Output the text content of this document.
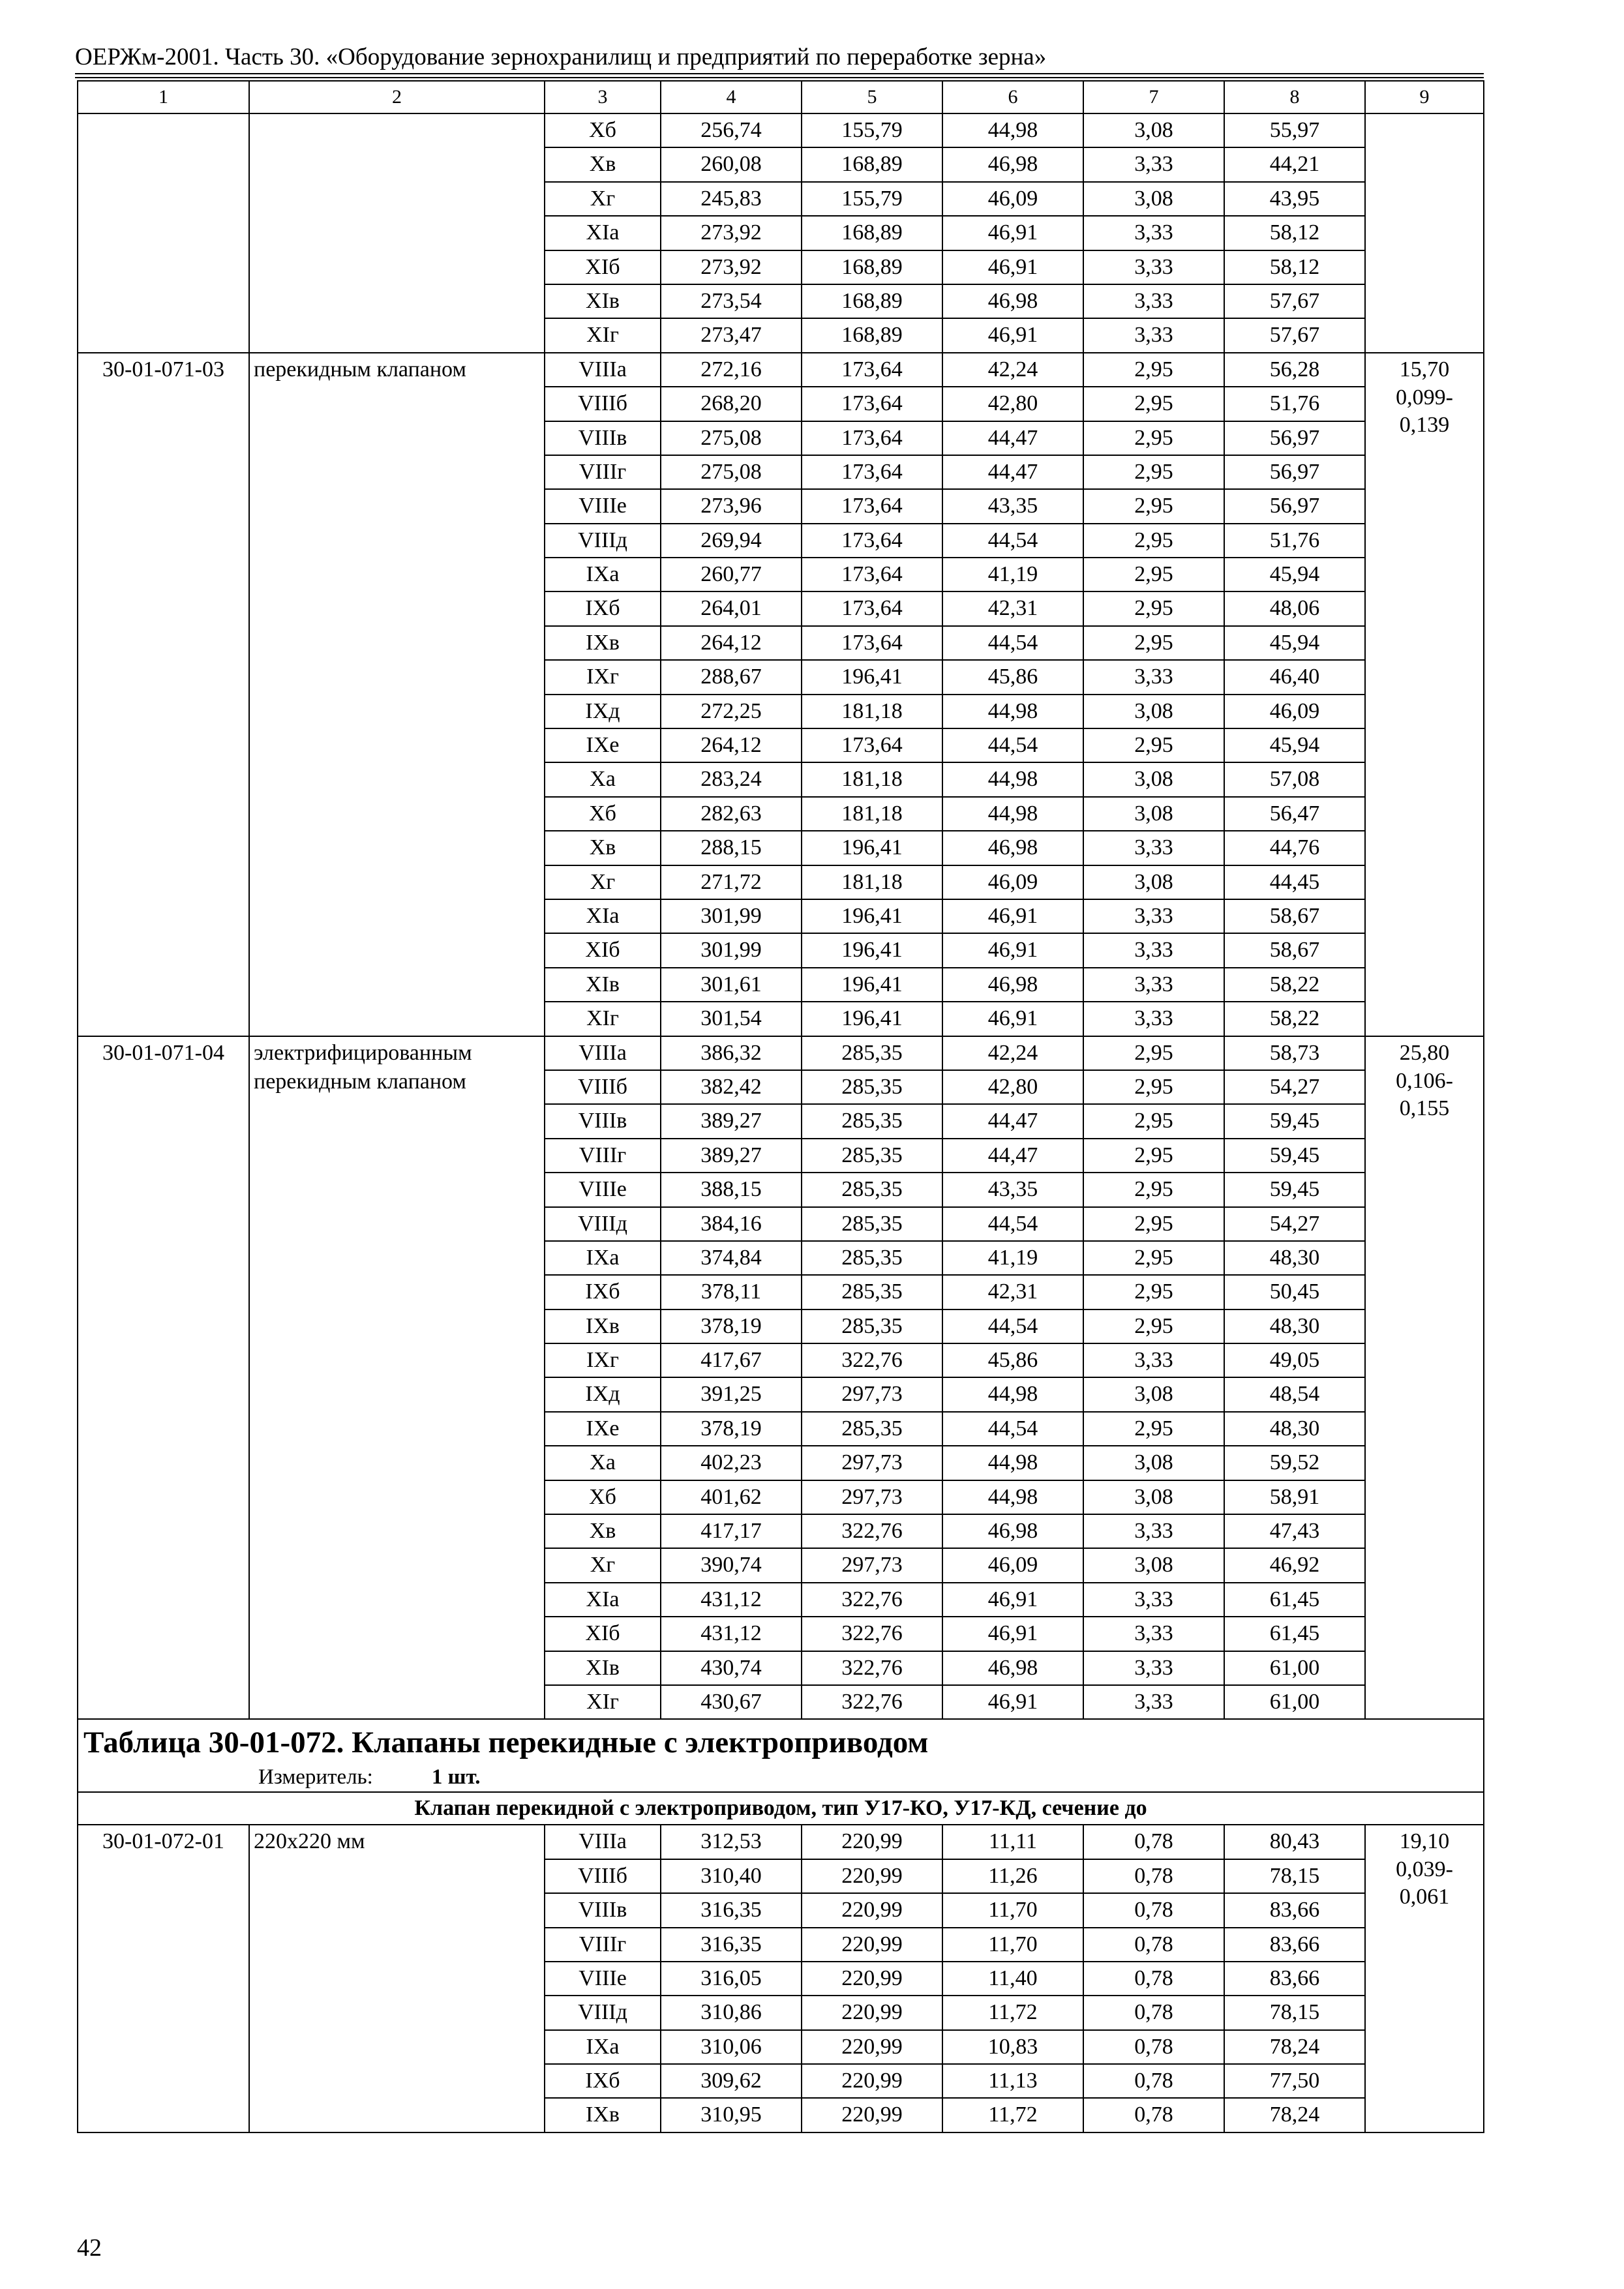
ОЕРЖм-2001. Часть 30. «Оборудование зернохранилищ и предприятий по переработке зерна»
1	2	3	4	5	6	7	8	9
		Хб	256,74	155,79	44,98	3,08	55,97	
		Хв	260,08	168,89	46,98	3,33	44,21	
		Хг	245,83	155,79	46,09	3,08	43,95	
		ХIа	273,92	168,89	46,91	3,33	58,12	
		ХIб	273,92	168,89	46,91	3,33	58,12	
		ХIв	273,54	168,89	46,98	3,33	57,67	
		ХIг	273,47	168,89	46,91	3,33	57,67	
30-01-071-03	перекидным клапаном	VIIIа	272,16	173,64	42,24	2,95	56,28	15,70
0,099-
0,139

		VIIIб	268,20	173,64	42,80	2,95	51,76	
		VIIIв	275,08	173,64	44,47	2,95	56,97	
		VIIIг	275,08	173,64	44,47	2,95	56,97	
		VIIIе	273,96	173,64	43,35	2,95	56,97	
		VIIIд	269,94	173,64	44,54	2,95	51,76	
		IХа	260,77	173,64	41,19	2,95	45,94	
		IХб	264,01	173,64	42,31	2,95	48,06	
		IХв	264,12	173,64	44,54	2,95	45,94	
		IХг	288,67	196,41	45,86	3,33	46,40	
		IХд	272,25	181,18	44,98	3,08	46,09	
		IХе	264,12	173,64	44,54	2,95	45,94	
		Ха	283,24	181,18	44,98	3,08	57,08	
		Хб	282,63	181,18	44,98	3,08	56,47	
		Хв	288,15	196,41	46,98	3,33	44,76	
		Хг	271,72	181,18	46,09	3,08	44,45	
		ХIа	301,99	196,41	46,91	3,33	58,67	
		ХIб	301,99	196,41	46,91	3,33	58,67	
		ХIв	301,61	196,41	46,98	3,33	58,22	
		ХIг	301,54	196,41	46,91	3,33	58,22	
30-01-071-04	электрифицированным перекидным клапаном	VIIIа	386,32	285,35	42,24	2,95	58,73	25,80
0,106-
0,155

		VIIIб	382,42	285,35	42,80	2,95	54,27	
		VIIIв	389,27	285,35	44,47	2,95	59,45	
		VIIIг	389,27	285,35	44,47	2,95	59,45	
		VIIIе	388,15	285,35	43,35	2,95	59,45	
		VIIIд	384,16	285,35	44,54	2,95	54,27	
		IХа	374,84	285,35	41,19	2,95	48,30	
		IХб	378,11	285,35	42,31	2,95	50,45	
		IХв	378,19	285,35	44,54	2,95	48,30	
		IХг	417,67	322,76	45,86	3,33	49,05	
		IХд	391,25	297,73	44,98	3,08	48,54	
		IХе	378,19	285,35	44,54	2,95	48,30	
		Ха	402,23	297,73	44,98	3,08	59,52	
		Хб	401,62	297,73	44,98	3,08	58,91	
		Хв	417,17	322,76	46,98	3,33	47,43	
		Хг	390,74	297,73	46,09	3,08	46,92	
		ХIа	431,12	322,76	46,91	3,33	61,45	
		ХIб	431,12	322,76	46,91	3,33	61,45	
		ХIв	430,74	322,76	46,98	3,33	61,00	
		ХIг	430,67	322,76	46,91	3,33	61,00	

Таблица 30-01-072. Клапаны перекидные с электроприводом
Измеритель: 1 шт.								

Клапан перекидной с электроприводом, тип У17-КО, У17-КД, сечение до								
30-01-072-01	220х220 мм	VIIIа	312,53	220,99	11,11	0,78	80,43	19,10
0,039-
0,061

		VIIIб	310,40	220,99	11,26	0,78	78,15	
		VIIIв	316,35	220,99	11,70	0,78	83,66	
		VIIIг	316,35	220,99	11,70	0,78	83,66	
		VIIIе	316,05	220,99	11,40	0,78	83,66	
		VIIIд	310,86	220,99	11,72	0,78	78,15	
		IХа	310,06	220,99	10,83	0,78	78,24	
		IХб	309,62	220,99	11,13	0,78	77,50	
		IХв	310,95	220,99	11,72	0,78	78,24	
42
